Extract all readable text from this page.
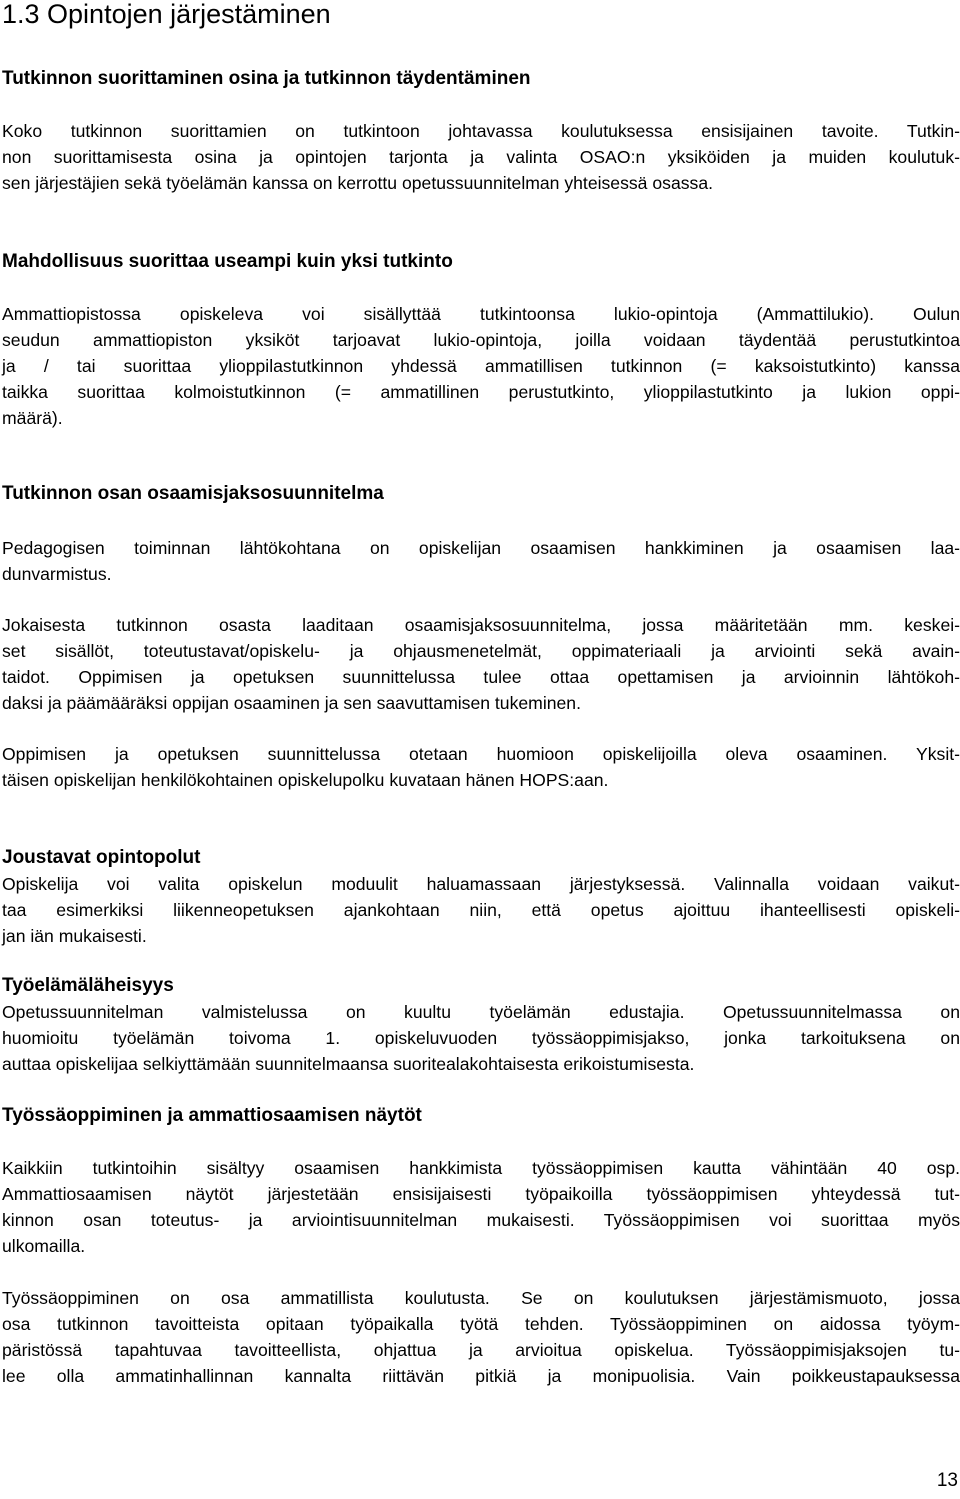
1.3 Opintojen järjestäminen
Tutkinnon suorittaminen osina ja tutkinnon täydentäminen
Koko tutkinnon suorittamien on tutkintoon johtavassa koulutuksessa ensisijainen tavoite. Tutkin-
non suorittamisesta osina ja opintojen tarjonta ja valinta OSAO:n yksiköiden ja muiden koulutuk-
sen järjestäjien sekä työelämän kanssa on kerrottu opetussuunnitelman yhteisessä osassa.
Mahdollisuus suorittaa useampi kuin yksi tutkinto
Ammattiopistossa opiskeleva voi sisällyttää tutkintoonsa lukio-opintoja (Ammattilukio). Oulun
seudun ammattiopiston yksiköt tarjoavat lukio-opintoja, joilla voidaan täydentää perustutkintoa
ja / tai suorittaa ylioppilastutkinnon yhdessä ammatillisen tutkinnon (= kaksoistutkinto) kanssa
taikka suorittaa kolmoistutkinnon (= ammatillinen perustutkinto, ylioppilastutkinto ja lukion oppi-
määrä).
Tutkinnon osan osaamisjaksosuunnitelma
Pedagogisen toiminnan lähtökohtana on opiskelijan osaamisen hankkiminen ja osaamisen laa-
dunvarmistus.
Jokaisesta tutkinnon osasta laaditaan osaamisjaksosuunnitelma, jossa määritetään mm. keskei-
set sisällöt, toteutustavat/opiskelu- ja ohjausmenetelmät, oppimateriaali ja arviointi sekä avain-
taidot. Oppimisen ja opetuksen suunnittelussa tulee ottaa opettamisen ja arvioinnin lähtökoh-
daksi ja päämääräksi oppijan osaaminen ja sen saavuttamisen tukeminen.
Oppimisen ja opetuksen suunnittelussa otetaan huomioon opiskelijoilla oleva osaaminen. Yksit-
täisen opiskelijan henkilökohtainen opiskelupolku kuvataan hänen HOPS:aan.
Joustavat opintopolut
Opiskelija voi valita opiskelun moduulit haluamassaan järjestyksessä. Valinnalla voidaan vaikut-
taa esimerkiksi liikenneopetuksen ajankohtaan niin, että opetus ajoittuu ihanteellisesti opiskeli-
jan iän mukaisesti.
Työelämäläheisyys
Opetussuunnitelman valmistelussa on kuultu työelämän edustajia. Opetussuunnitelmassa on
huomioitu työelämän toivoma 1. opiskeluvuoden työssäoppimisjakso, jonka tarkoituksena on
auttaa opiskelijaa selkiyttämään suunnitelmaansa suoritealakohtaisesta erikoistumisesta.
Työssäoppiminen ja ammattiosaamisen näytöt
Kaikkiin tutkintoihin sisältyy osaamisen hankkimista työssäoppimisen kautta vähintään 40 osp.
Ammattiosaamisen näytöt järjestetään ensisijaisesti työpaikoilla työssäoppimisen yhteydessä tut-
kinnon osan toteutus- ja arviointisuunnitelman mukaisesti. Työssäoppimisen voi suorittaa myös
ulkomailla.
Työssäoppiminen on osa ammatillista koulutusta. Se on koulutuksen järjestämismuoto, jossa
osa tutkinnon tavoitteista opitaan työpaikalla työtä tehden. Työssäoppiminen on aidossa työym-
päristössä tapahtuvaa tavoitteellista, ohjattua ja arvioitua opiskelua. Työssäoppimisjaksojen tu-
lee olla ammatinhallinnan kannalta riittävän pitkiä ja monipuolisia. Vain poikkeustapauksessa
13
